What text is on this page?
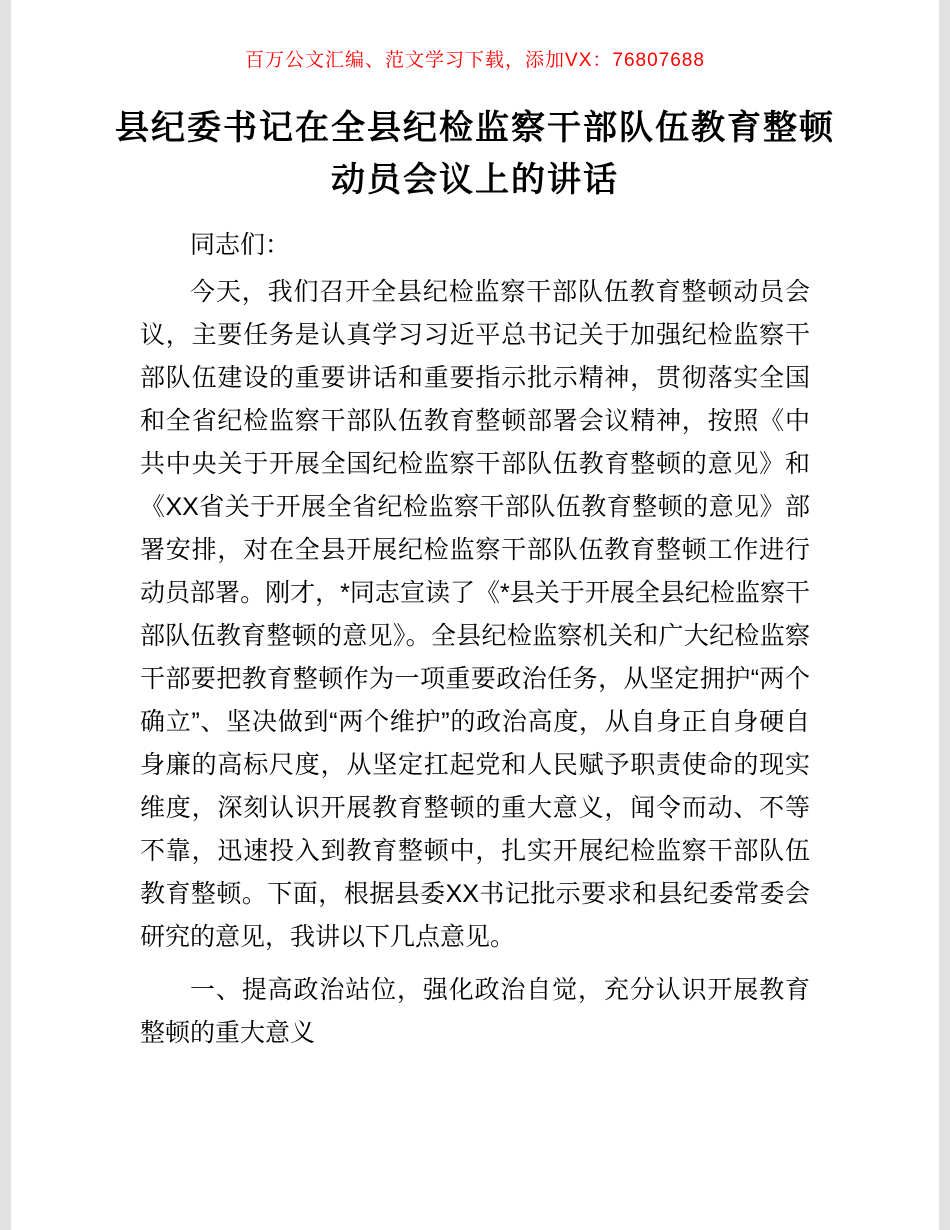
百万公文汇编、范文学习下载，添加VX：76807688
县纪委书记在全县纪检监察干部队伍教育整顿
动员会议上的讲话

同志们：

今天，我们召开全县纪检监察干部队伍教育整顿动员会议，主要任务是认真学习习近平总书记关于加强纪检监察干部队伍建设的重要讲话和重要指示批示精神，贯彻落实全国和全省纪检监察干部队伍教育整顿部署会议精神，按照《中共中央关于开展全国纪检监察干部队伍教育整顿的意见》和《XX省关于开展全省纪检监察干部队伍教育整顿的意见》部署安排，对在全县开展纪检监察干部队伍教育整顿工作进行动员部署。刚才，*同志宣读了《*县关于开展全县纪检监察干部队伍教育整顿的意见》。全县纪检监察机关和广大纪检监察干部要把教育整顿作为一项重要政治任务，从坚定拥护“两个确立”、坚决做到“两个维护”的政治高度，从自身正自身硬自身廉的高标尺度，从坚定扛起党和人民赋予职责使命的现实维度，深刻认识开展教育整顿的重大意义，闻令而动、不等不靠，迅速投入到教育整顿中，扎实开展纪检监察干部队伍教育整顿。下面，根据县委XX书记批示要求和县纪委常委会研究的意见，我讲以下几点意见。

一、提高政治站位，强化政治自觉，充分认识开展教育整顿的重大意义
